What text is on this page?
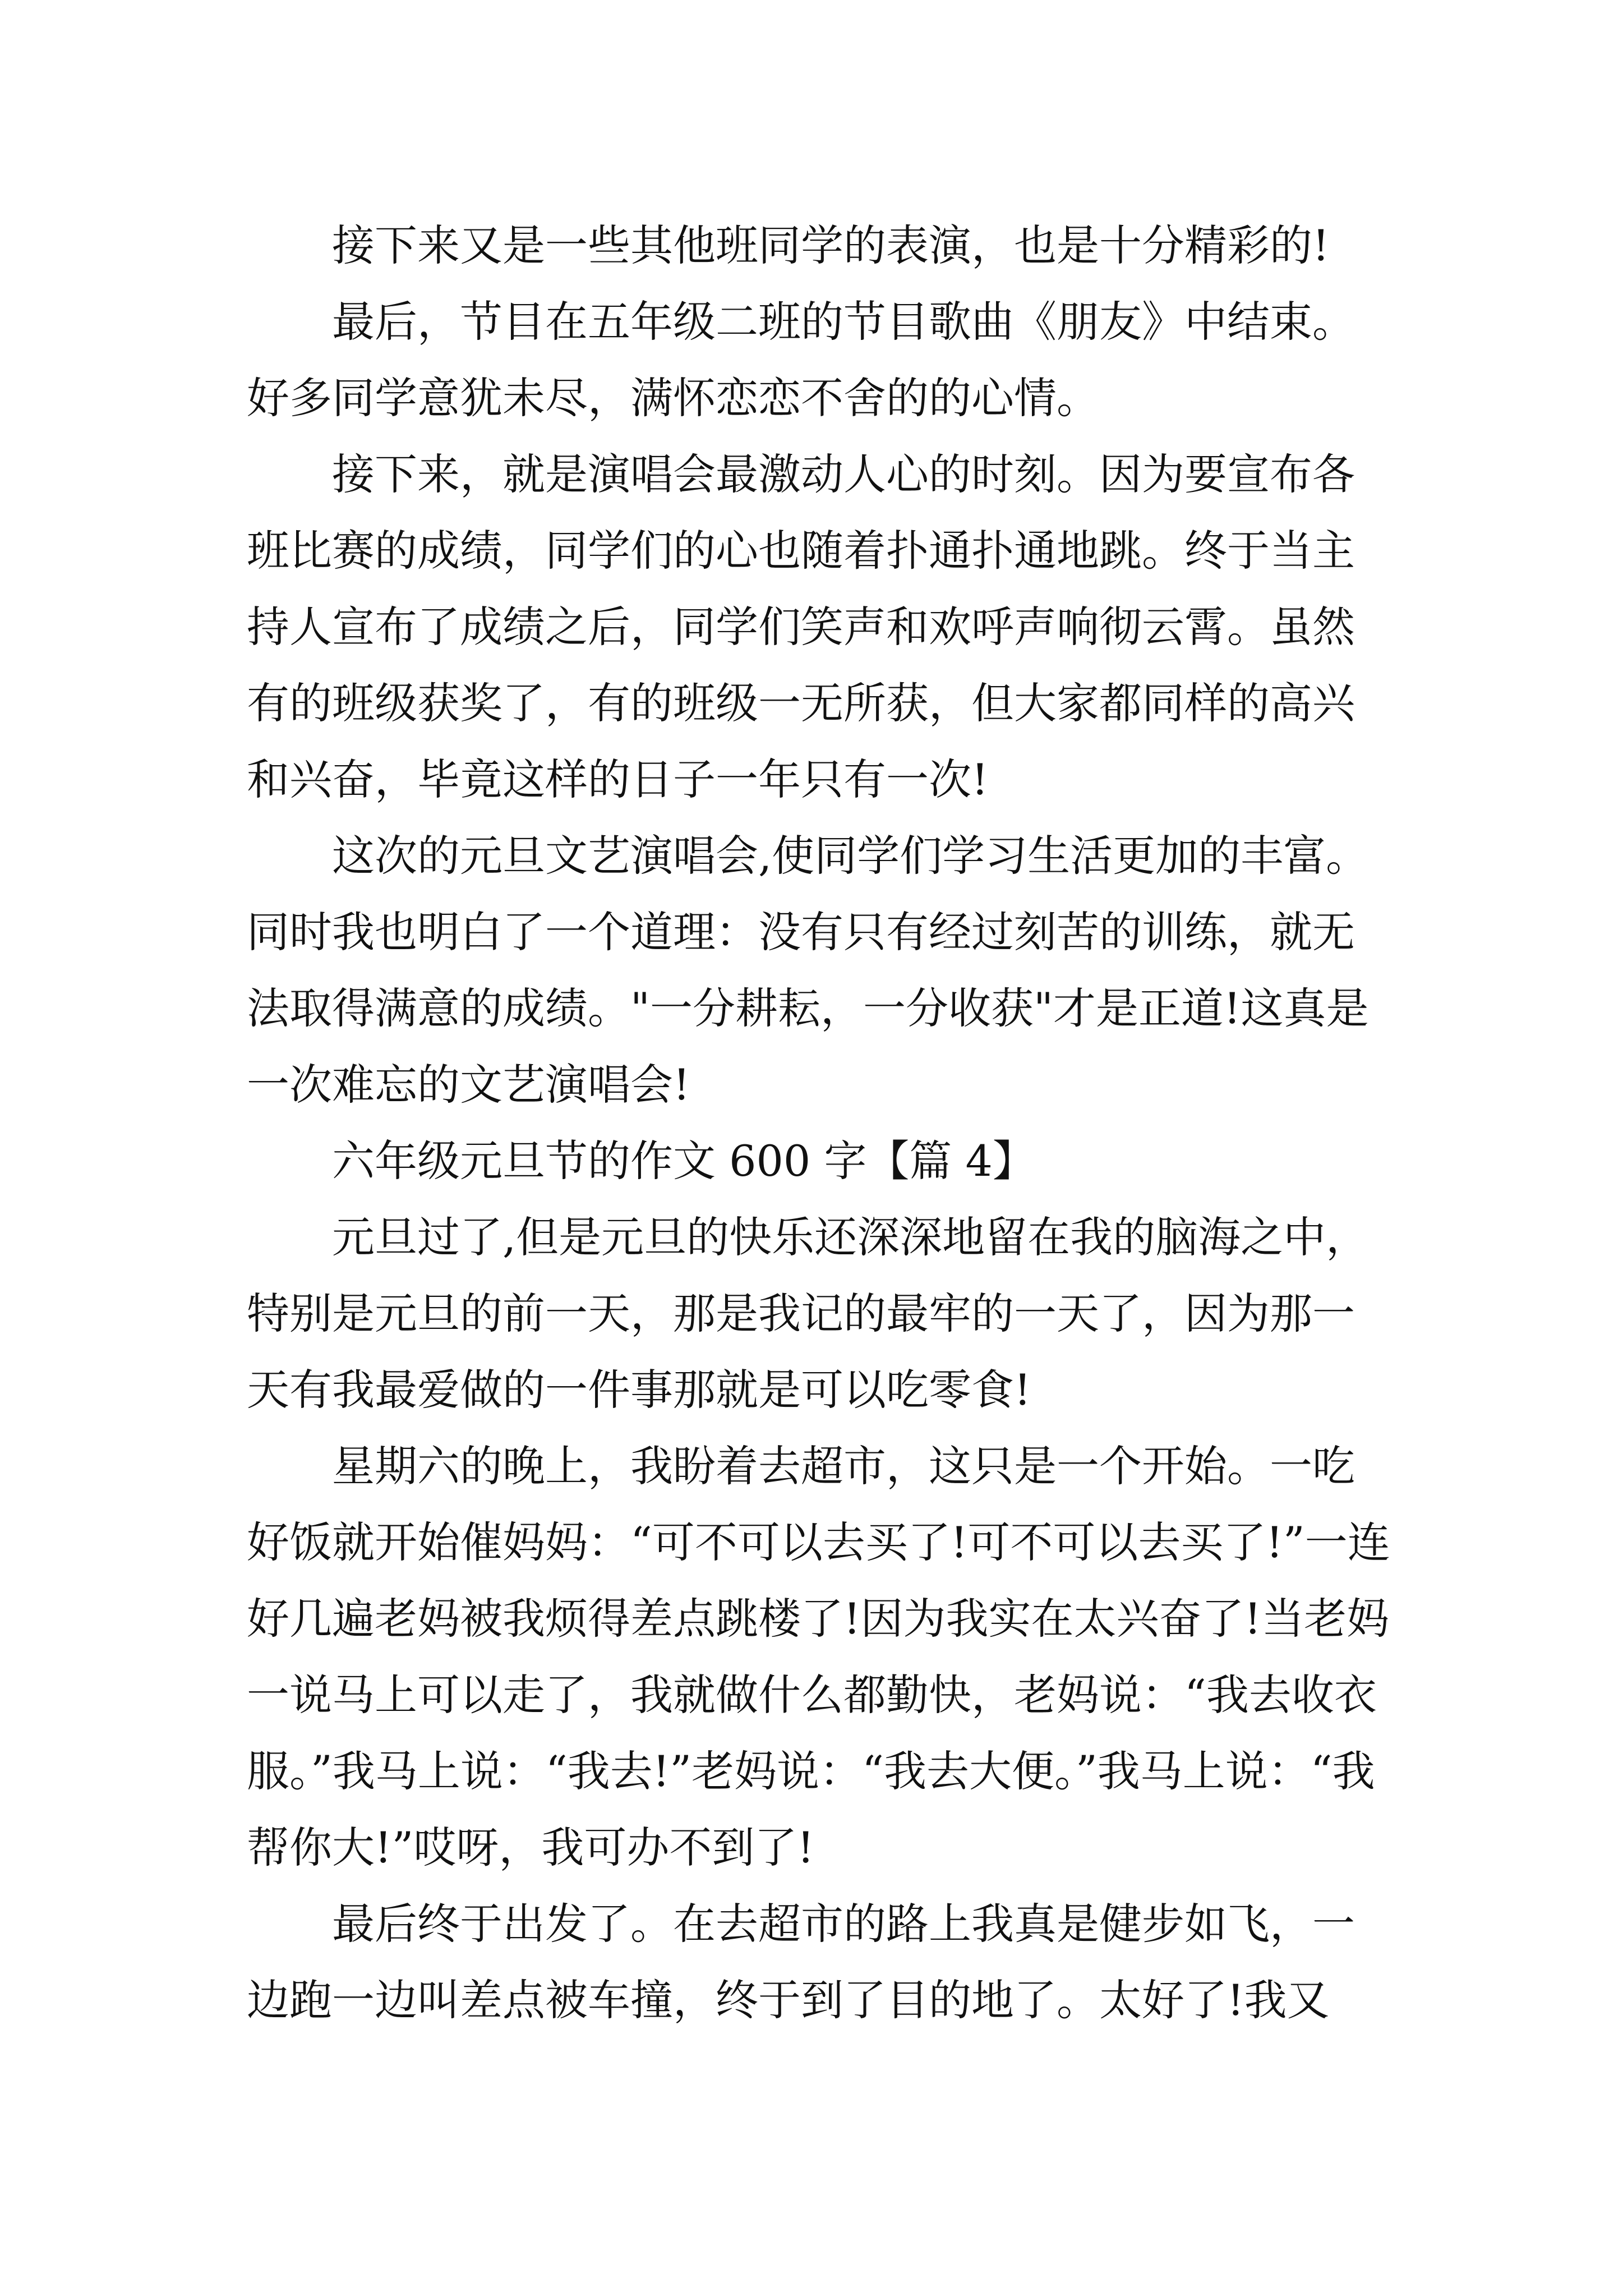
接下来又是一些其他班同学的表演，也是十分精彩的!

最后，节目在五年级二班的节目歌曲《朋友》中结束。好多同学意犹未尽，满怀恋恋不舍的的心情。

接下来，就是演唱会最激动人心的时刻。因为要宣布各班比赛的成绩，同学们的心也随着扑通扑通地跳。终于当主持人宣布了成绩之后，同学们笑声和欢呼声响彻云霄。虽然有的班级获奖了，有的班级一无所获，但大家都同样的高兴和兴奋，毕竟这样的日子一年只有一次!

这次的元旦文艺演唱会,使同学们学习生活更加的丰富。同时我也明白了一个道理：没有只有经过刻苦的训练，就无法取得满意的成绩。"一分耕耘，一分收获"才是正道!这真是一次难忘的文艺演唱会!

六年级元旦节的作文 600 字【篇 4】

元旦过了,但是元旦的快乐还深深地留在我的脑海之中，特别是元旦的前一天，那是我记的最牢的一天了，因为那一天有我最爱做的一件事那就是可以吃零食!

星期六的晚上，我盼着去超市，这只是一个开始。一吃好饭就开始催妈妈：“可不可以去买了!可不可以去买了!”一连好几遍老妈被我烦得差点跳楼了!因为我实在太兴奋了!当老妈一说马上可以走了，我就做什么都勤快，老妈说：“我去收衣服。”我马上说：“我去!”老妈说：“我去大便。”我马上说：“我帮你大!”哎呀，我可办不到了!

最后终于出发了。在去超市的路上我真是健步如飞，一边跑一边叫差点被车撞，终于到了目的地了。太好了!我又
